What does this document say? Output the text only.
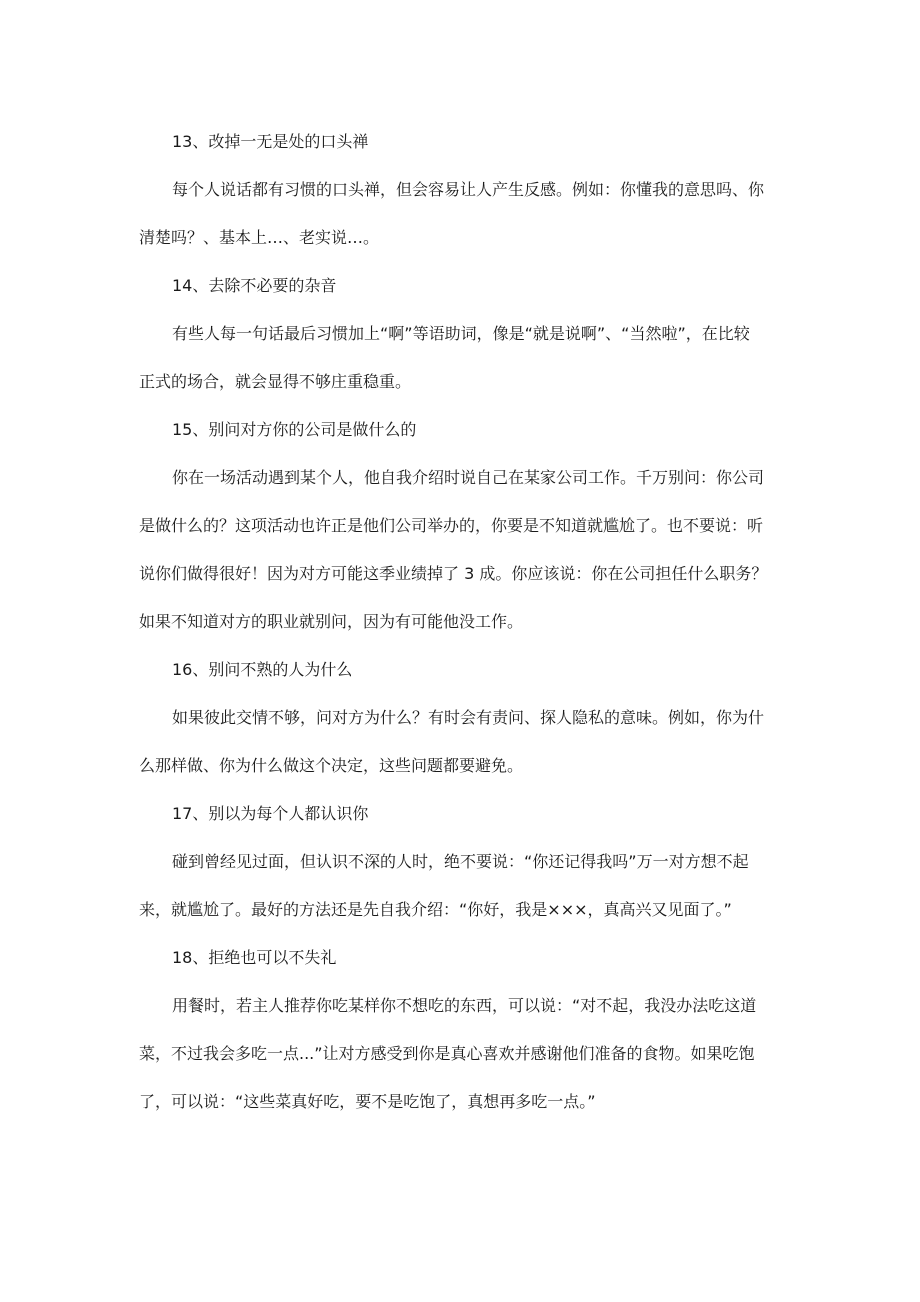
13、改掉一无是处的口头禅
每个人说话都有习惯的口头禅，但会容易让人产生反感。例如：你懂我的意思吗、你
清楚吗？、基本上…、老实说…。
14、去除不必要的杂音
有些人每一句话最后习惯加上“啊”等语助词，像是“就是说啊”、“当然啦”，在比较
正式的场合，就会显得不够庄重稳重。
15、别问对方你的公司是做什么的
你在一场活动遇到某个人，他自我介绍时说自己在某家公司工作。千万别问：你公司
是做什么的？这项活动也许正是他们公司举办的，你要是不知道就尴尬了。也不要说：听
说你们做得很好！因为对方可能这季业绩掉了 3 成。你应该说：你在公司担任什么职务？
如果不知道对方的职业就别问，因为有可能他没工作。
16、别问不熟的人为什么
如果彼此交情不够，问对方为什么？有时会有责问、探人隐私的意味。例如，你为什
么那样做、你为什么做这个决定，这些问题都要避免。
17、别以为每个人都认识你
碰到曾经见过面，但认识不深的人时，绝不要说：“你还记得我吗”万一对方想不起
来，就尴尬了。最好的方法还是先自我介绍：“你好，我是×××，真高兴又见面了。”
18、拒绝也可以不失礼
用餐时，若主人推荐你吃某样你不想吃的东西，可以说：“对不起，我没办法吃这道
菜，不过我会多吃一点...”让对方感受到你是真心喜欢并感谢他们准备的食物。如果吃饱
了，可以说：“这些菜真好吃，要不是吃饱了，真想再多吃一点。”
